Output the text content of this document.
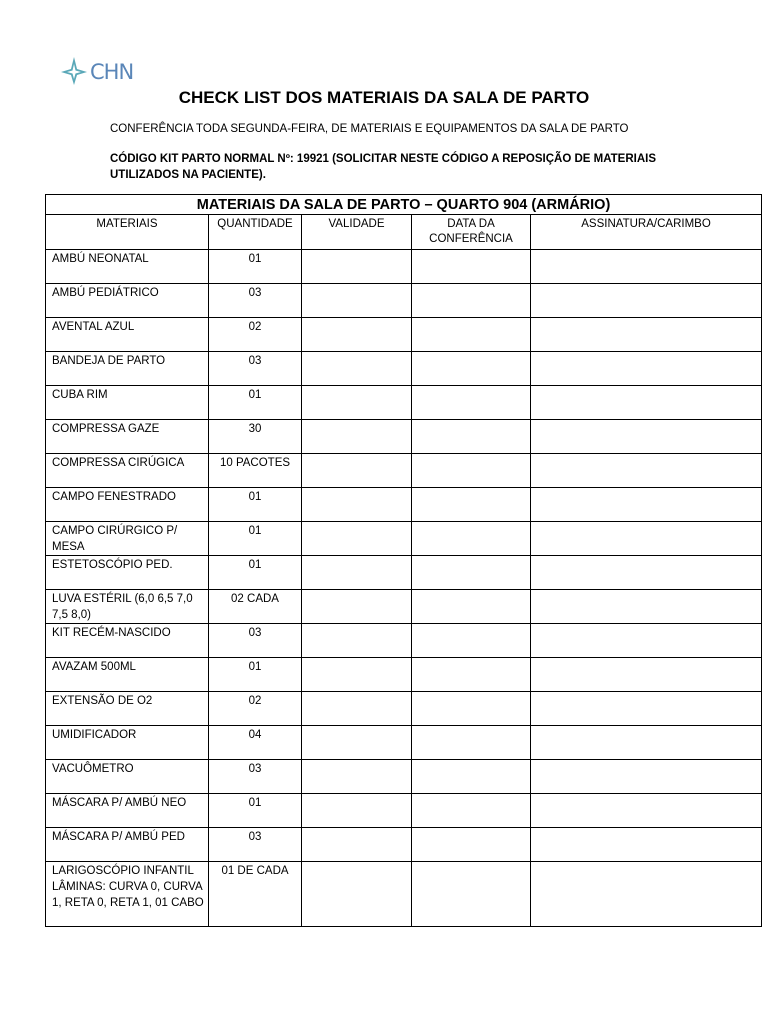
CHN
CHECK LIST DOS MATERIAIS DA SALA DE PARTO
CONFERÊNCIA TODA SEGUNDA-FEIRA, DE MATERIAIS E EQUIPAMENTOS DA SALA DE PARTO
CÓDIGO KIT PARTO NORMAL Nº: 19921 (SOLICITAR NESTE CÓDIGO A REPOSIÇÃO DE MATERIAIS UTILIZADOS NA PACIENTE).
MATERIAIS DA SALA DE PARTO – QUARTO 904 (ARMÁRIO)				
MATERIAIS	QUANTIDADE	VALIDADE	DATA DA CONFERÊNCIA	ASSINATURA/CARIMBO
AMBÚ NEONATAL	01			
AMBÚ PEDIÁTRICO	03			
AVENTAL AZUL	02			
BANDEJA DE PARTO	03			
CUBA RIM	01			
COMPRESSA GAZE	30			
COMPRESSA CIRÚGICA	10 PACOTES			
CAMPO FENESTRADO	01			
CAMPO CIRÚRGICO P/ MESA	01			
ESTETOSCÓPIO PED.	01			
LUVA ESTÉRIL (6,0 6,5 7,0 7,5 8,0)	02 CADA			
KIT RECÉM-NASCIDO	03			
AVAZAM 500ML	01			
EXTENSÃO DE O2	02			
UMIDIFICADOR	04			
VACUÔMETRO	03			
MÁSCARA P/ AMBÚ NEO	01			
MÁSCARA P/ AMBÚ PED	03			
LARIGOSCÓPIO INFANTIL LÂMINAS: CURVA 0, CURVA 1, RETA 0, RETA 1, 01 CABO	01 DE CADA			
